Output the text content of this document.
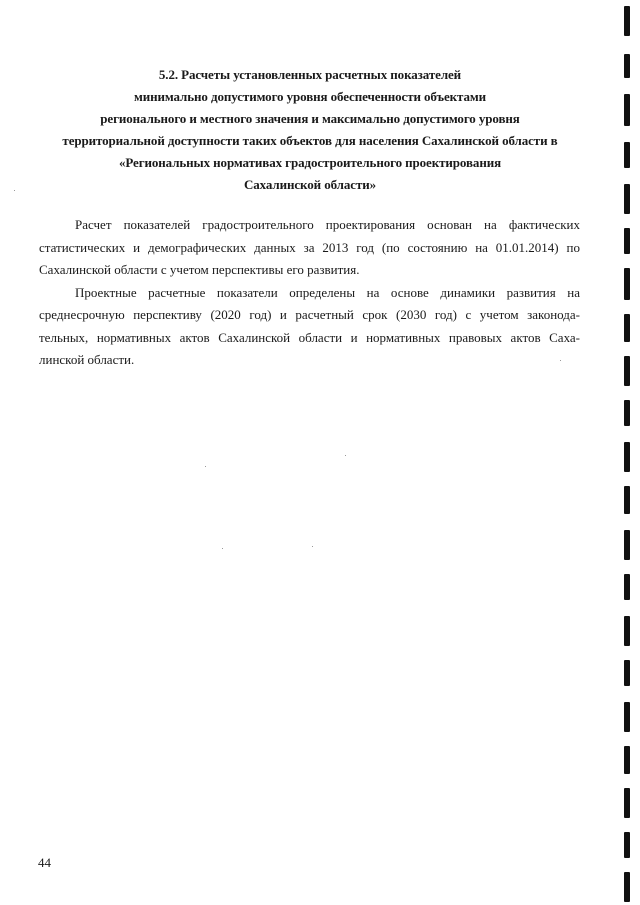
5.2. Расчеты установленных расчетных показателей
минимально допустимого уровня обеспеченности объектами
регионального и местного значения и максимально допустимого уровня
территориальной доступности таких объектов для населения Сахалинской области в
«Региональных нормативах градостроительного проектирования
Сахалинской области»
Расчет показателей градостроительного проектирования основан на фактических
статистических и демографических данных за 2013 год (по состоянию на 01.01.2014) по
Сахалинской области с учетом перспективы его развития.
Проектные расчетные показатели определены на основе динамики развития на
среднесрочную перспективу (2020 год) и расчетный срок (2030 год) с учетом законода-
тельных, нормативных актов Сахалинской области и нормативных правовых актов Саха-
линской области.
44
